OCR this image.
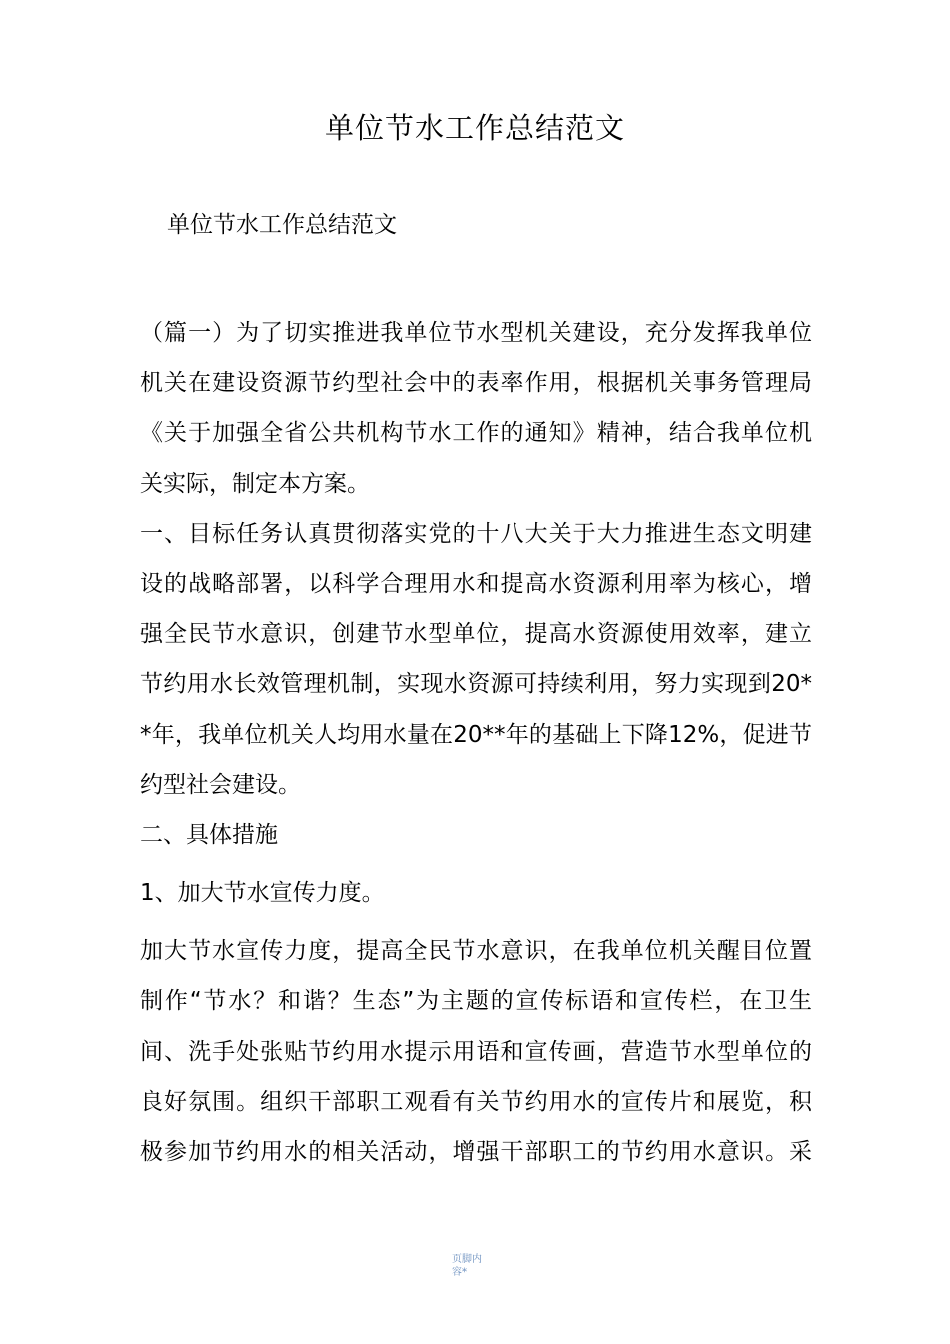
单位节水工作总结范文
单位节水工作总结范文
（篇一）为了切实推进我单位节水型机关建设，充分发挥我单位
机关在建设资源节约型社会中的表率作用，根据机关事务管理局
《关于加强全省公共机构节水工作的通知》精神，结合我单位机
关实际，制定本方案。
一、目标任务认真贯彻落实党的十八大关于大力推进生态文明建
设的战略部署，以科学合理用水和提高水资源利用率为核心，增
强全民节水意识，创建节水型单位，提高水资源使用效率，建立
节约用水长效管理机制，实现水资源可持续利用，努力实现到20*
*年，我单位机关人均用水量在20**年的基础上下降12%，促进节
约型社会建设。
二、具体措施
1、加大节水宣传力度。
加大节水宣传力度，提高全民节水意识，在我单位机关醒目位置
制作“节水？和谐？生态”为主题的宣传标语和宣传栏，在卫生
间、洗手处张贴节约用水提示用语和宣传画，营造节水型单位的
良好氛围。组织干部职工观看有关节约用水的宣传片和展览，积
极参加节约用水的相关活动，增强干部职工的节约用水意识。采
页脚内
容*
